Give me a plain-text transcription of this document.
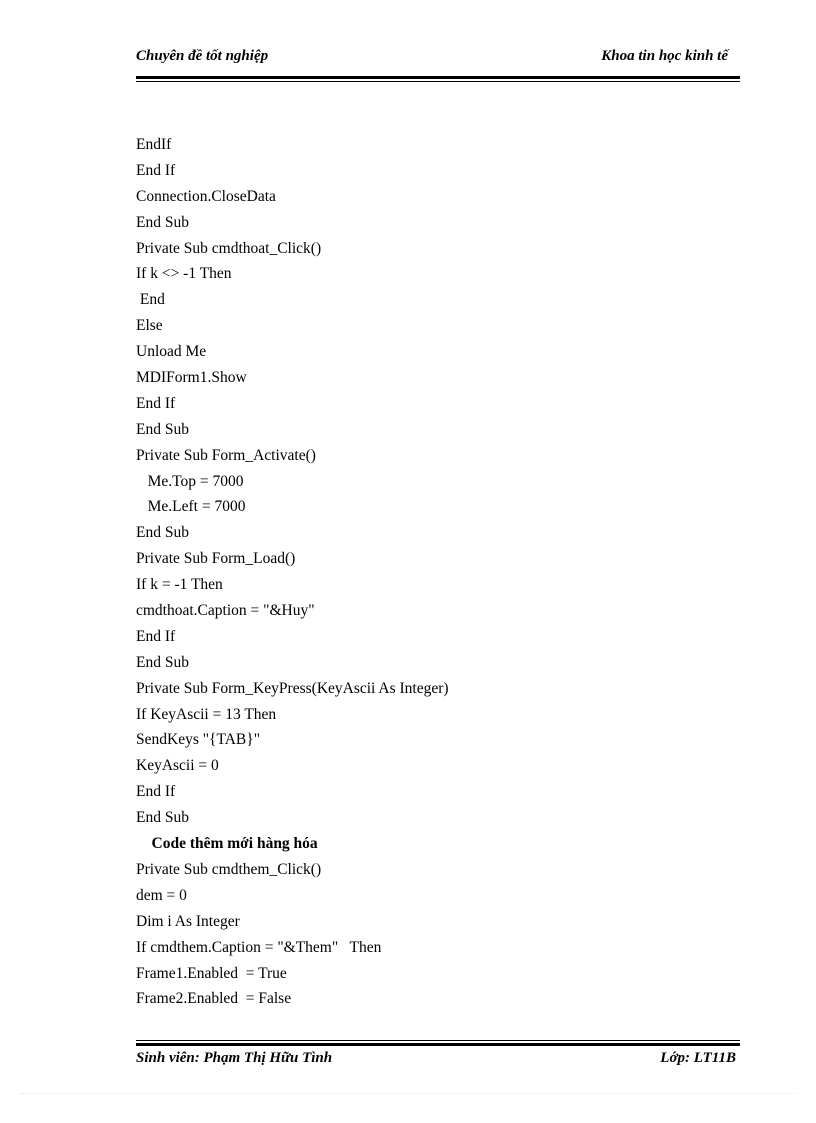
Chuyên đề tốt nghiệp	Khoa tin học kinh tế
EndIf
End If
Connection.CloseData
End Sub
Private Sub cmdthoat_Click()
If k <> -1 Then
End
Else
Unload Me
MDIForm1.Show
End If
End Sub
Private Sub Form_Activate()
Me.Top = 7000
Me.Left = 7000
End Sub
Private Sub Form_Load()
If k = -1 Then
cmdthoat.Caption = "&Huy"
End If
End Sub
Private Sub Form_KeyPress(KeyAscii As Integer)
If KeyAscii = 13 Then
SendKeys "{TAB}"
KeyAscii = 0
End If
End Sub
Code thêm mới hàng hóa
Private Sub cmdthem_Click()
dem = 0
Dim i As Integer
If cmdthem.Caption = "&Them"   Then
Frame1.Enabled  = True
Frame2.Enabled  = False
Sinh viên: Phạm Thị Hữu Tình	Lớp: LT11B
